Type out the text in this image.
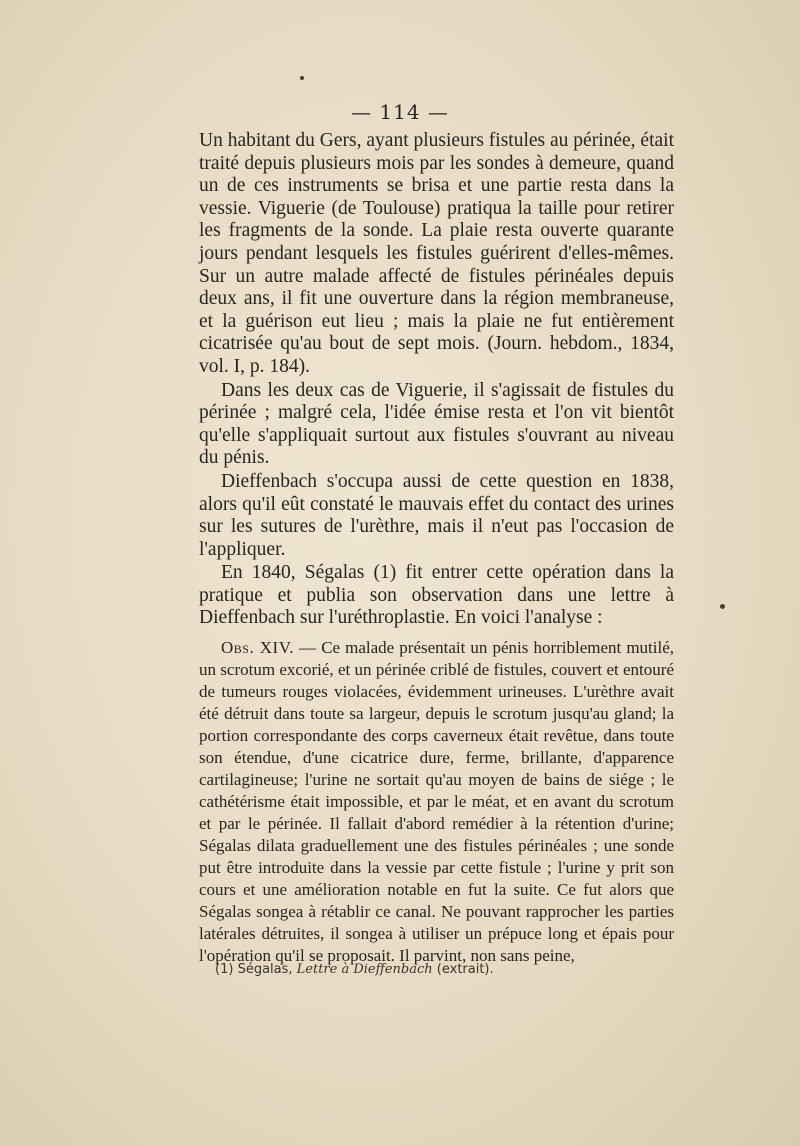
— 114 —

Un habitant du Gers, ayant plusieurs fistules au périnée, était traité depuis plusieurs mois par les sondes à demeure, quand un de ces instruments se brisa et une partie resta dans la vessie. Viguerie (de Toulouse) pratiqua la taille pour retirer les fragments de la sonde. La plaie resta ouverte quarante jours pendant lesquels les fistules guérirent d'elles-mêmes. Sur un autre malade affecté de fistules périnéales depuis deux ans, il fit une ouverture dans la région membraneuse, et la guérison eut lieu ; mais la plaie ne fut entièrement cicatrisée qu'au bout de sept mois. (Journ. hebdom., 1834, vol. I, p. 184).

Dans les deux cas de Viguerie, il s'agissait de fistules du périnée ; malgré cela, l'idée émise resta et l'on vit bientôt qu'elle s'appliquait surtout aux fistules s'ouvrant au niveau du pénis.

Dieffenbach s'occupa aussi de cette question en 1838, alors qu'il eût constaté le mauvais effet du contact des urines sur les sutures de l'urèthre, mais il n'eut pas l'occasion de l'appliquer.

En 1840, Ségalas (1) fit entrer cette opération dans la pratique et publia son observation dans une lettre à Dieffenbach sur l'uréthroplastie. En voici l'analyse :

Obs. XIV. — Ce malade présentait un pénis horriblement mutilé, un scrotum excorié, et un périnée criblé de fistules, couvert et entouré de tumeurs rouges violacées, évidemment urineuses. L'urèthre avait été détruit dans toute sa largeur, depuis le scrotum jusqu'au gland; la portion correspondante des corps caverneux était revêtue, dans toute son étendue, d'une cicatrice dure, ferme, brillante, d'apparence cartilagineuse; l'urine ne sortait qu'au moyen de bains de siége ; le cathétérisme était impossible, et par le méat, et en avant du scrotum et par le périnée. Il fallait d'abord remédier à la rétention d'urine; Ségalas dilata graduellement une des fistules périnéales ; une sonde put être introduite dans la vessie par cette fistule ; l'urine y prit son cours et une amélioration notable en fut la suite. Ce fut alors que Ségalas songea à rétablir ce canal. Ne pouvant rapprocher les parties latérales détruites, il songea à utiliser un prépuce long et épais pour l'opération qu'il se proposait. Il parvint, non sans peine,

(1) Ségalas, Lettre à Dieffenbach (extrait).
